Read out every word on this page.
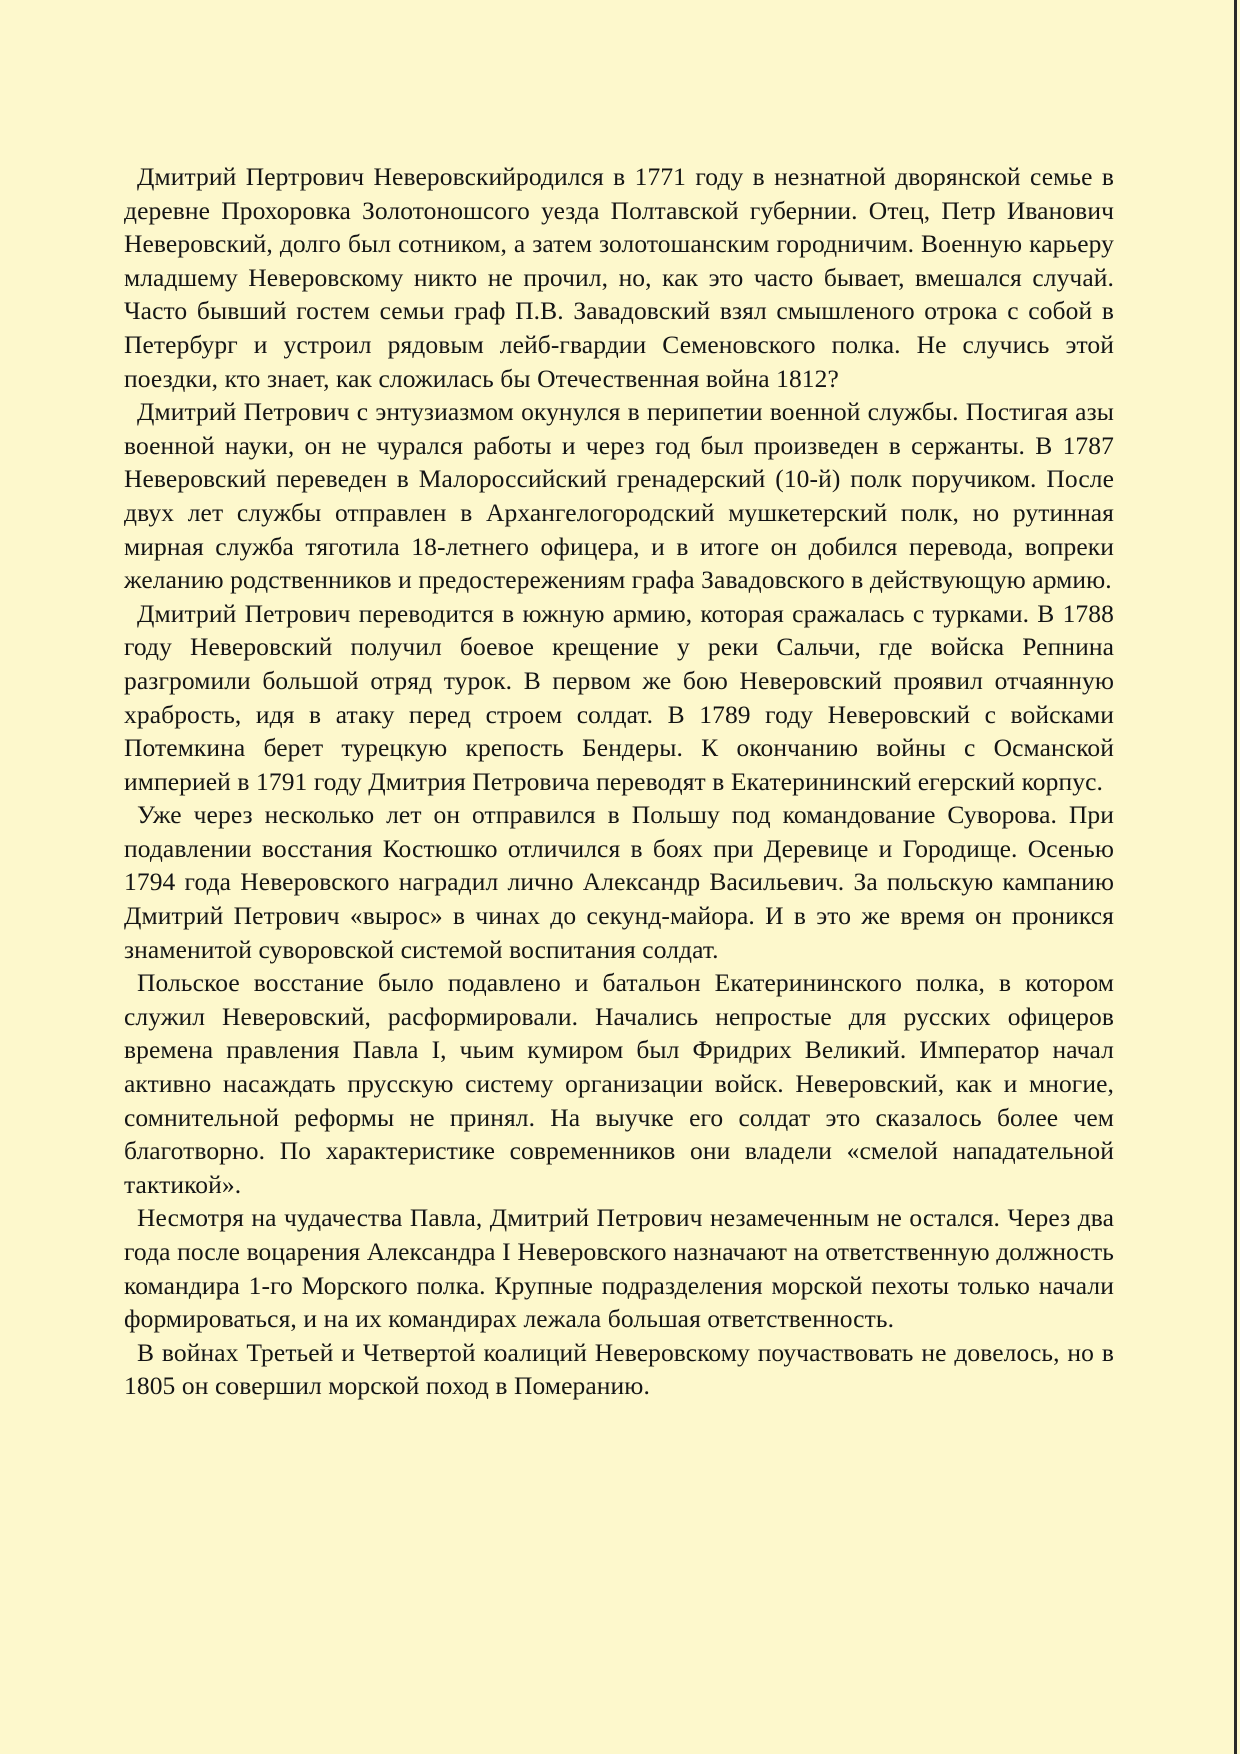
Дмитрий Пертрович Неверовскийродился в 1771 году в незнатной дворянской семье в деревне Прохоровка Золотоношсого уезда Полтавской губернии. Отец, Петр Иванович Неверовский, долго был сотником, а затем золотошанским городничим. Военную карьеру младшему Неверовскому никто не прочил, но, как это часто бывает, вмешался случай. Часто бывший гостем семьи граф П.В. Завадовский взял смышленого отрока с собой в Петербург и устроил рядовым лейб-гвардии Семеновского полка. Не случись этой поездки, кто знает, как сложилась бы Отечественная война 1812?

Дмитрий Петрович с энтузиазмом окунулся в перипетии военной службы. Постигая азы военной науки, он не чурался работы и через год был произведен в сержанты. В 1787 Неверовский переведен в Малороссийский гренадерский (10-й) полк поручиком. После двух лет службы отправлен в Архангелогородский мушкетерский полк, но рутинная мирная служба тяготила 18-летнего офицера, и в итоге он добился перевода, вопреки желанию родственников и предостережениям графа Завадовского в действующую армию.

Дмитрий Петрович переводится в южную армию, которая сражалась с турками. В 1788 году Неверовский получил боевое крещение у реки Сальчи, где войска Репнина разгромили большой отряд турок. В первом же бою Неверовский проявил отчаянную храбрость, идя в атаку перед строем солдат. В 1789 году Неверовский с войсками Потемкина берет турецкую крепость Бендеры. К окончанию войны с Османской империей в 1791 году Дмитрия Петровича переводят в Екатерининский егерский корпус.

Уже через несколько лет он отправился в Польшу под командование Суворова. При подавлении восстания Костюшко отличился в боях при Деревице и Городище. Осенью 1794 года Неверовского наградил лично Александр Васильевич. За польскую кампанию Дмитрий Петрович «вырос» в чинах до секунд-майора. И в это же время он проникся знаменитой суворовской системой воспитания солдат.

Польское восстание было подавлено и батальон Екатерининского полка, в котором служил Неверовский, расформировали. Начались непростые для русских офицеров времена правления Павла I, чьим кумиром был Фридрих Великий. Император начал активно насаждать прусскую систему организации войск. Неверовский, как и многие, сомнительной реформы не принял. На выучке его солдат это сказалось более чем благотворно. По характеристике современников они владели «смелой нападательной тактикой».

Несмотря на чудачества Павла, Дмитрий Петрович незамеченным не остался. Через два года после воцарения Александра I Неверовского назначают на ответственную должность командира 1-го Морского полка. Крупные подразделения морской пехоты только начали формироваться, и на их командирах лежала большая ответственность.

В войнах Третьей и Четвертой коалиций Неверовскому поучаствовать не довелось, но в 1805 он совершил морской поход в Померанию.
